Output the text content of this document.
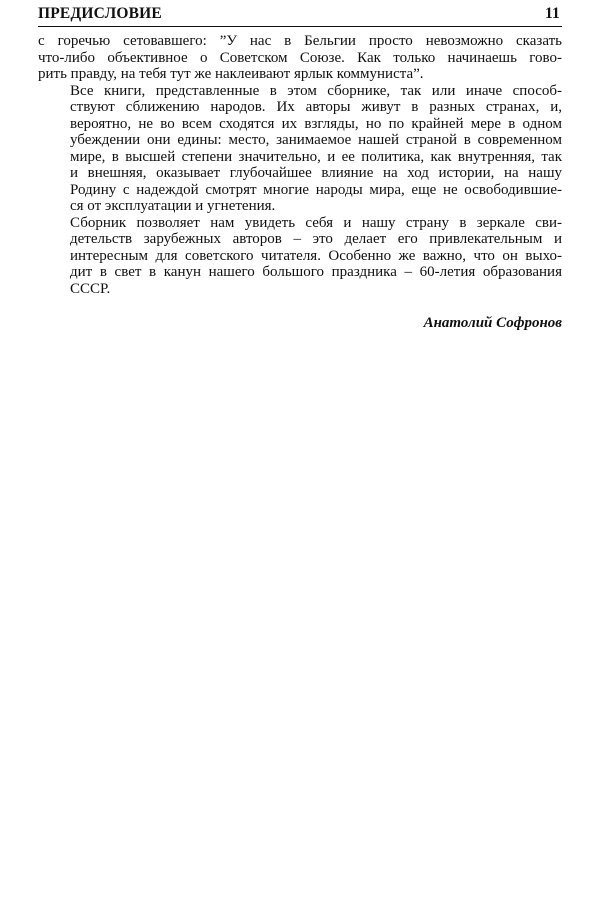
ПРЕДИСЛОВИЕ	11

с горечью сетовавшего: ”У нас в Бельгии просто невозможно сказать
что-либо объективное о Советском Союзе. Как только начинаешь гово-
рить правду, на тебя тут же наклеивают ярлык коммуниста”.

Все книги, представленные в этом сборнике, так или иначе способ-
ствуют сближению народов. Их авторы живут в разных странах, и,
вероятно, не во всем сходятся их взгляды, но по крайней мере в одном
убеждении они едины: место, занимаемое нашей страной в современном
мире, в высшей степени значительно, и ее политика, как внутренняя, так
и внешняя, оказывает глубочайшее влияние на ход истории, на нашу
Родину с надеждой смотрят многие народы мира, еще не освободившие-
ся от эксплуатации и угнетения.

Сборник позволяет нам увидеть себя и нашу страну в зеркале сви-
детельств зарубежных авторов – это делает его привлекательным и
интересным для советского читателя. Особенно же важно, что он выхо-
дит в свет в канун нашего большого праздника – 60-летия образования
СССР.

Анатолий Софронов
